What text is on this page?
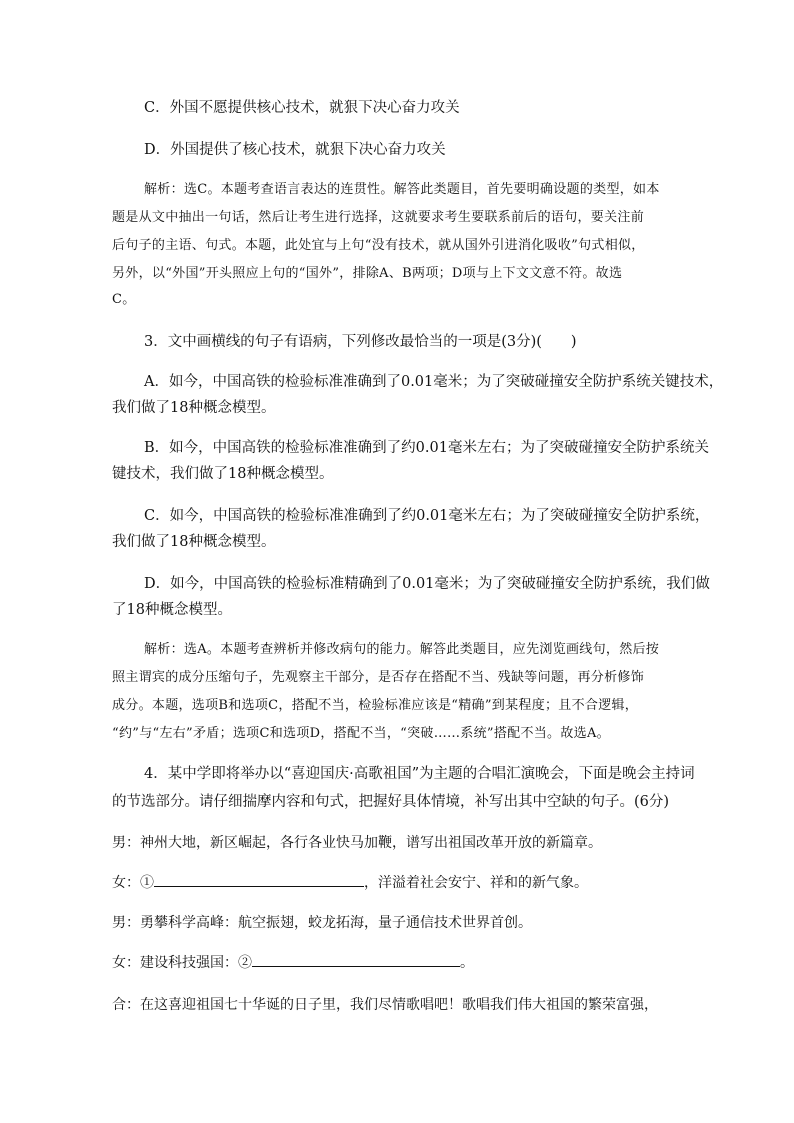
C．外国不愿提供核心技术，就狠下决心奋力攻关
D．外国提供了核心技术，就狠下决心奋力攻关
解析：选C。本题考查语言表达的连贯性。解答此类题目，首先要明确设题的类型，如本
题是从文中抽出一句话，然后让考生进行选择，这就要求考生要联系前后的语句，要关注前
后句子的主语、句式。本题，此处宜与上句“没有技术，就从国外引进消化吸收”句式相似，
另外，以“外国”开头照应上句的“国外”，排除A、B两项；D项与上下文文意不符。故选
C。
3．文中画横线的句子有语病，下列修改最恰当的一项是(3分)(　　)
A．如今，中国高铁的检验标准准确到了0.01毫米；为了突破碰撞安全防护系统关键技术，
我们做了18种概念模型。
B．如今，中国高铁的检验标准准确到了约0.01毫米左右；为了突破碰撞安全防护系统关
键技术，我们做了18种概念模型。
C．如今，中国高铁的检验标准准确到了约0.01毫米左右；为了突破碰撞安全防护系统，
我们做了18种概念模型。
D．如今，中国高铁的检验标准精确到了0.01毫米；为了突破碰撞安全防护系统，我们做
了18种概念模型。
解析：选A。本题考查辨析并修改病句的能力。解答此类题目，应先浏览画线句，然后按
照主谓宾的成分压缩句子，先观察主干部分，是否存在搭配不当、残缺等问题，再分析修饰
成分。本题，选项B和选项C，搭配不当，检验标准应该是“精确”到某程度；且不合逻辑，
“约”与“左右”矛盾；选项C和选项D，搭配不当，“突破……系统”搭配不当。故选A。
4．某中学即将举办以“喜迎国庆·高歌祖国”为主题的合唱汇演晚会，下面是晚会主持词
的节选部分。请仔细揣摩内容和句式，把握好具体情境，补写出其中空缺的句子。(6分)
男：神州大地，新区崛起，各行各业快马加鞭，谱写出祖国改革开放的新篇章。
女：①	，洋溢着社会安宁、祥和的新气象。
男：勇攀科学高峰：航空振翅，蛟龙拓海，量子通信技术世界首创。
女：建设科技强国：②	。
合：在这喜迎祖国七十华诞的日子里，我们尽情歌唱吧！歌唱我们伟大祖国的繁荣富强，
